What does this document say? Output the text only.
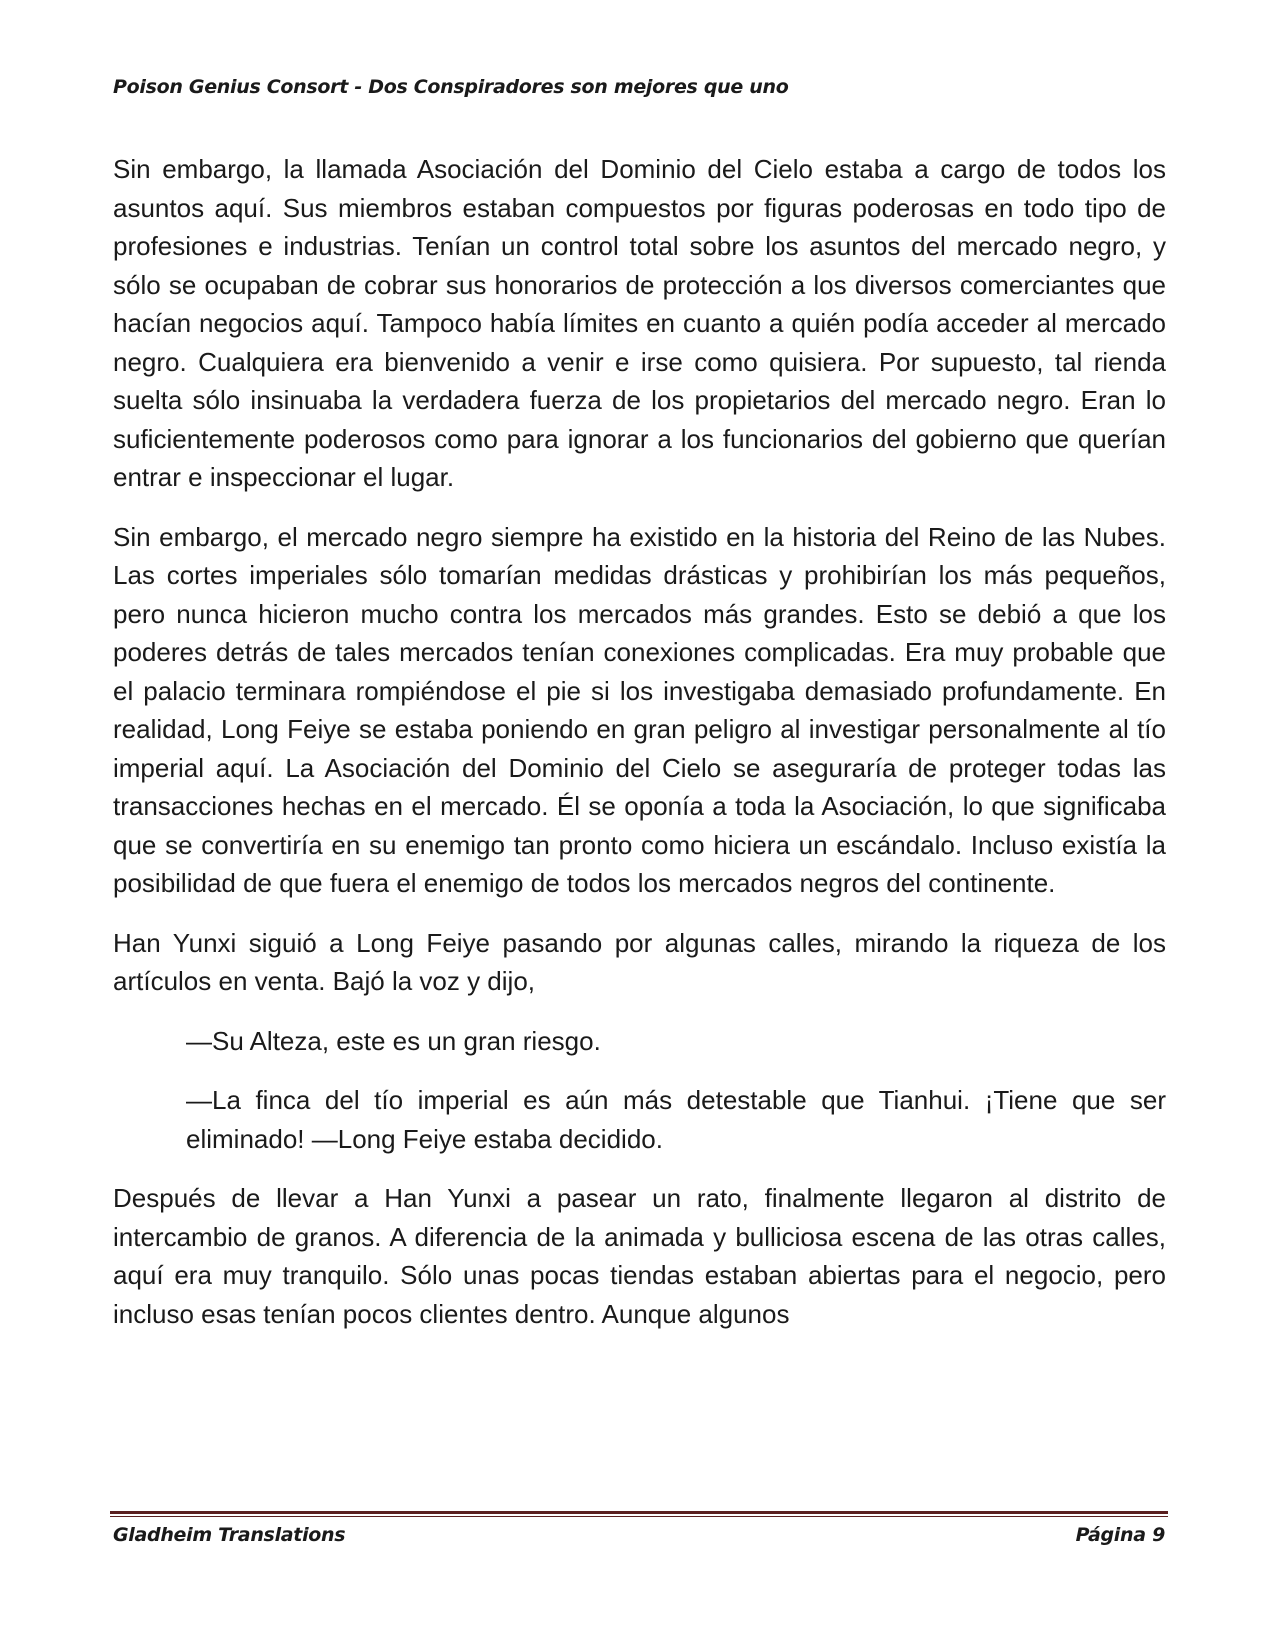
Poison Genius Consort - Dos Conspiradores son mejores que uno

Sin embargo, la llamada Asociación del Dominio del Cielo estaba a cargo de todos los asuntos aquí. Sus miembros estaban compuestos por figuras poderosas en todo tipo de profesiones e industrias. Tenían un control total sobre los asuntos del mercado negro, y sólo se ocupaban de cobrar sus honorarios de protección a los diversos comerciantes que hacían negocios aquí. Tampoco había límites en cuanto a quién podía acceder al mercado negro. Cualquiera era bienvenido a venir e irse como quisiera. Por supuesto, tal rienda suelta sólo insinuaba la verdadera fuerza de los propietarios del mercado negro. Eran lo suficientemente poderosos como para ignorar a los funcionarios del gobierno que querían entrar e inspeccionar el lugar.

Sin embargo, el mercado negro siempre ha existido en la historia del Reino de las Nubes. Las cortes imperiales sólo tomarían medidas drásticas y prohibirían los más pequeños, pero nunca hicieron mucho contra los mercados más grandes. Esto se debió a que los poderes detrás de tales mercados tenían conexiones complicadas. Era muy probable que el palacio terminara rompiéndose el pie si los investigaba demasiado profundamente. En realidad, Long Feiye se estaba poniendo en gran peligro al investigar personalmente al tío imperial aquí. La Asociación del Dominio del Cielo se aseguraría de proteger todas las transacciones hechas en el mercado. Él se oponía a toda la Asociación, lo que significaba que se convertiría en su enemigo tan pronto como hiciera un escándalo. Incluso existía la posibilidad de que fuera el enemigo de todos los mercados negros del continente.

Han Yunxi siguió a Long Feiye pasando por algunas calles, mirando la riqueza de los artículos en venta. Bajó la voz y dijo,

—Su Alteza, este es un gran riesgo.

—La finca del tío imperial es aún más detestable que Tianhui. ¡Tiene que ser eliminado! —Long Feiye estaba decidido.

Después de llevar a Han Yunxi a pasear un rato, finalmente llegaron al distrito de intercambio de granos. A diferencia de la animada y bulliciosa escena de las otras calles, aquí era muy tranquilo. Sólo unas pocas tiendas estaban abiertas para el negocio, pero incluso esas tenían pocos clientes dentro. Aunque algunos

Gladheim Translations	Página 9
